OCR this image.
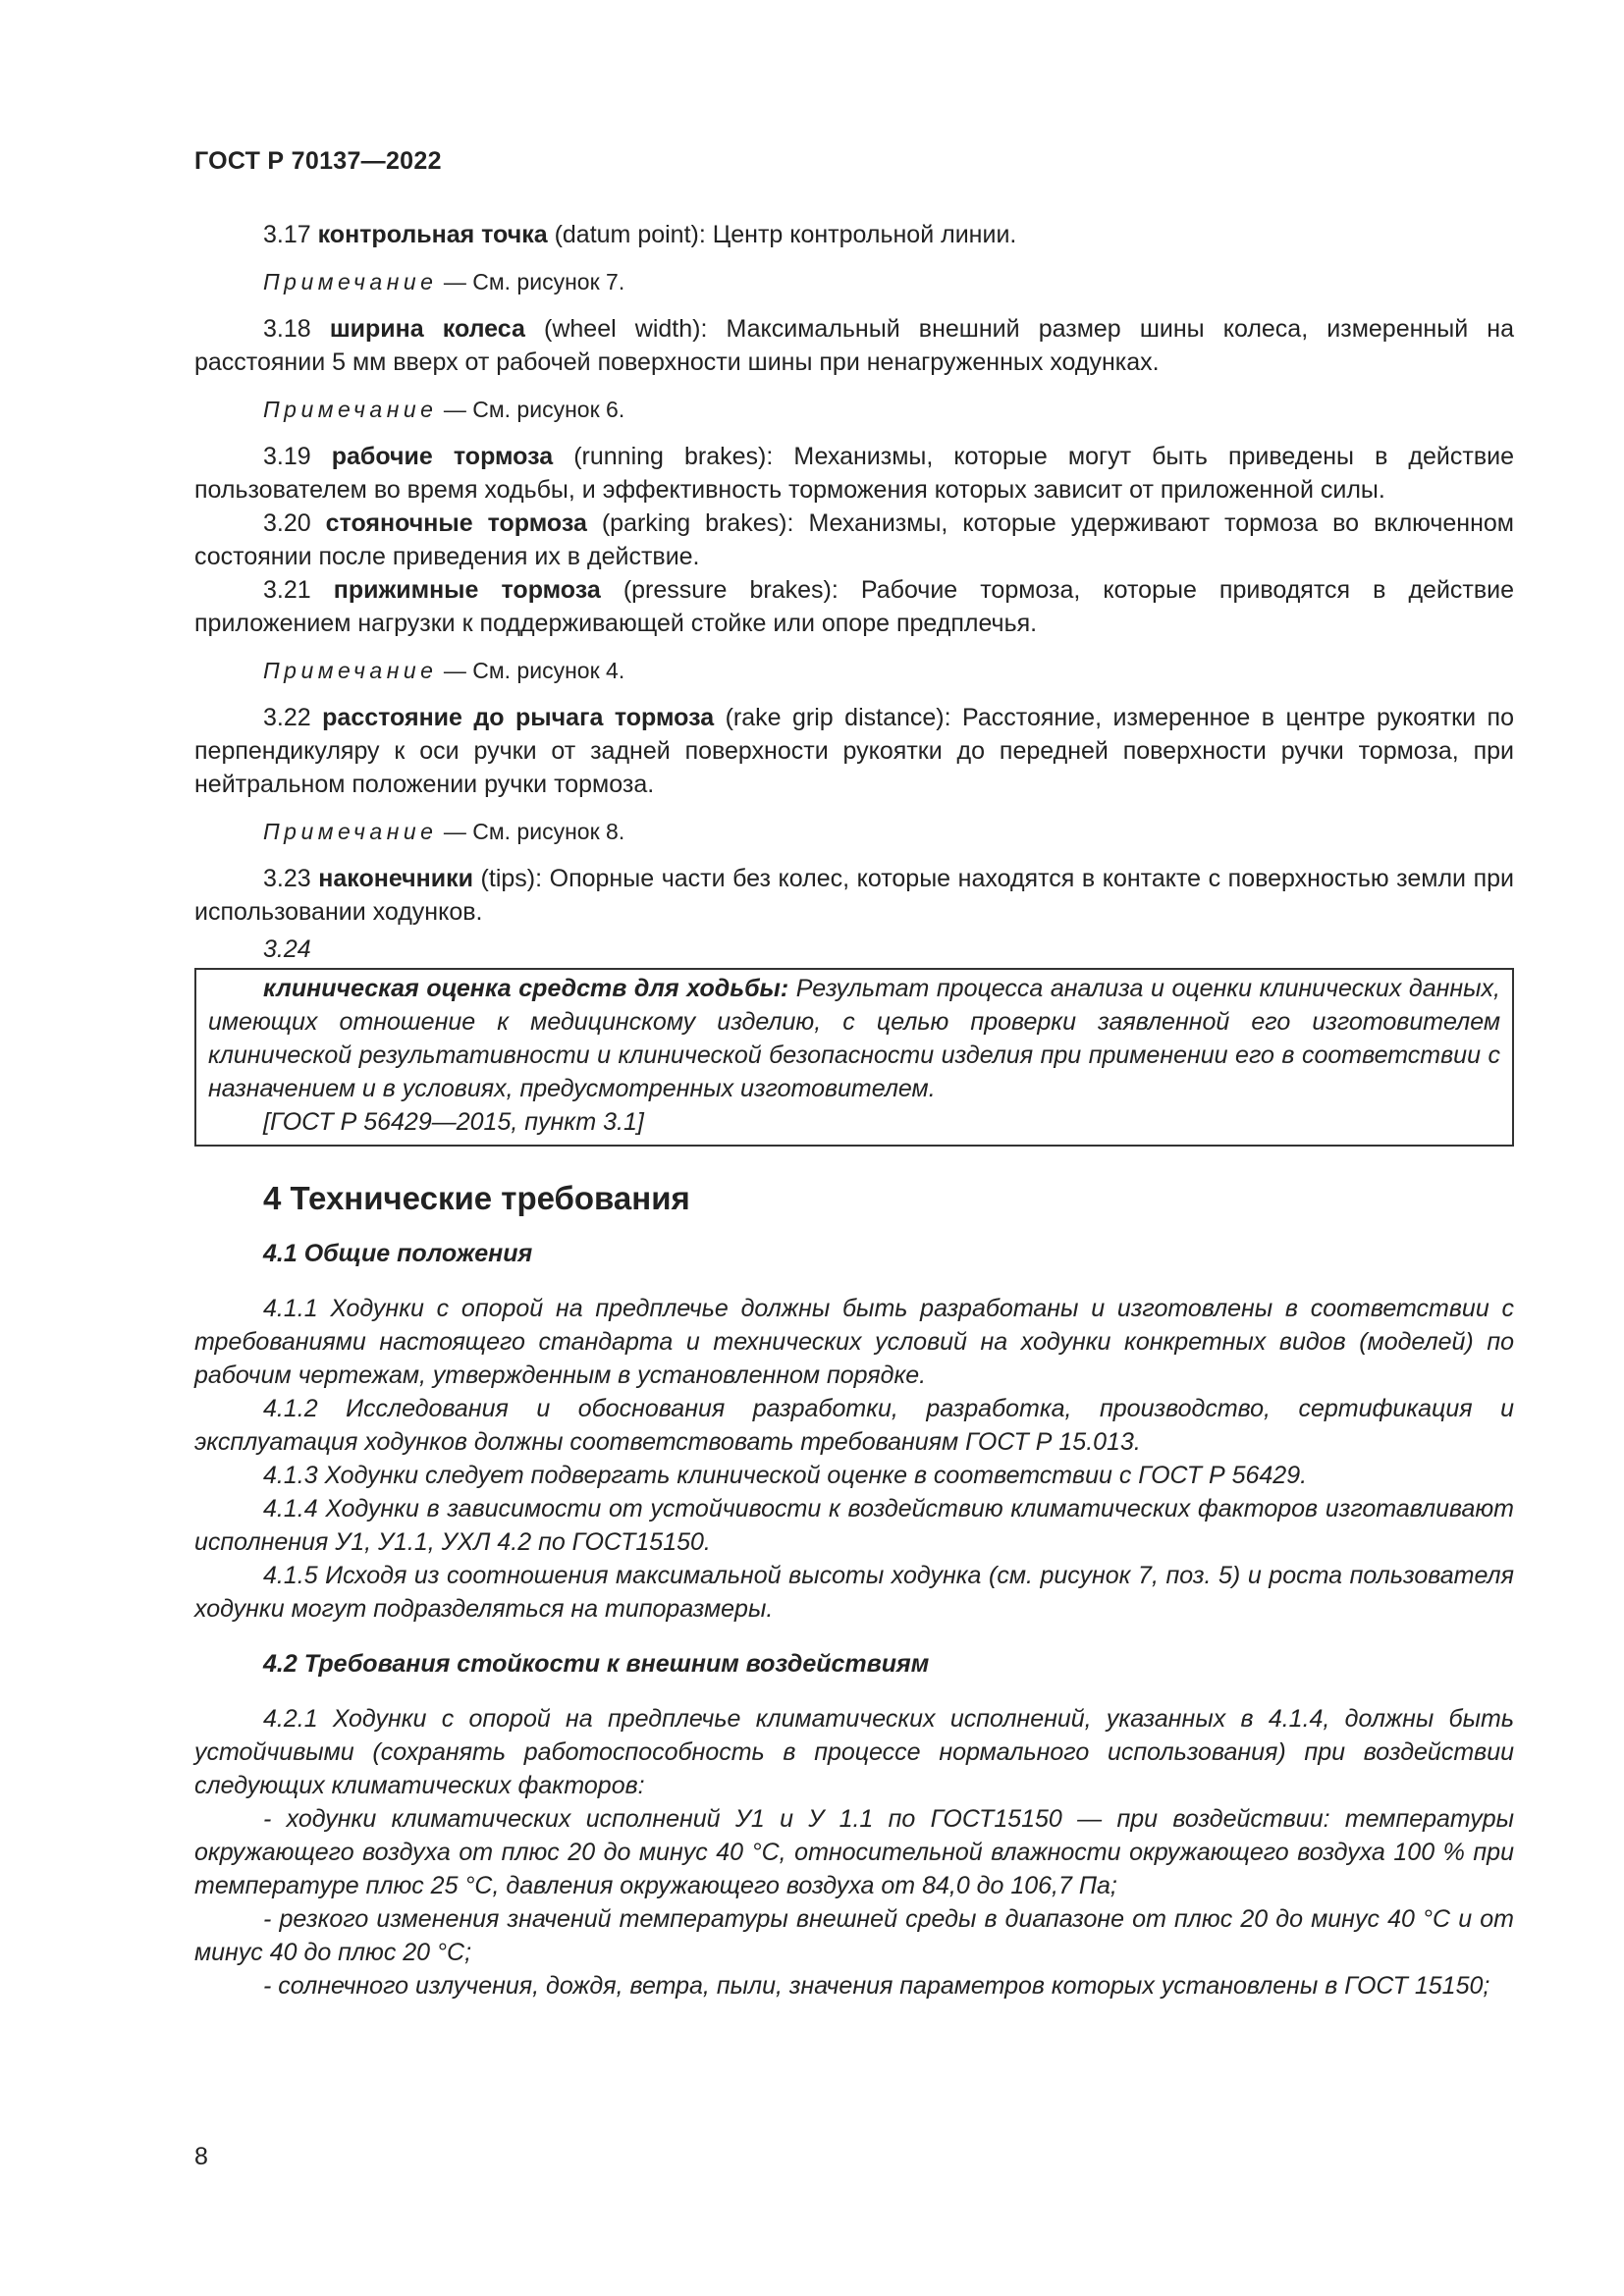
ГОСТ Р 70137—2022

3.17 контрольная точка (datum point): Центр контрольной линии.

Примечание — См. рисунок 7.

3.18 ширина колеса (wheel width): Максимальный внешний размер шины колеса, измеренный на расстоянии 5 мм вверх от рабочей поверхности шины при ненагруженных ходунках.

Примечание — См. рисунок 6.

3.19 рабочие тормоза (running brakes): Механизмы, которые могут быть приведены в действие пользователем во время ходьбы, и эффективность торможения которых зависит от приложенной силы.

3.20 стояночные тормоза (parking brakes): Механизмы, которые удерживают тормоза во включенном состоянии после приведения их в действие.

3.21 прижимные тормоза (pressure brakes): Рабочие тормоза, которые приводятся в действие приложением нагрузки к поддерживающей стойке или опоре предплечья.

Примечание — См. рисунок 4.

3.22 расстояние до рычага тормоза (rake grip distance): Расстояние, измеренное в центре рукоятки по перпендикуляру к оси ручки от задней поверхности рукоятки до передней поверхности ручки тормоза, при нейтральном положении ручки тормоза.

Примечание — См. рисунок 8.

3.23 наконечники (tips): Опорные части без колес, которые находятся в контакте с поверхностью земли при использовании ходунков.

3.24

клиническая оценка средств для ходьбы: Результат процесса анализа и оценки клинических данных, имеющих отношение к медицинскому изделию, с целью проверки заявленной его изготовителем клинической результативности и клинической безопасности изделия при применении его в соответствии с назначением и в условиях, предусмотренных изготовителем.

[ГОСТ Р 56429—2015, пункт 3.1]

4 Технические требования
4.1 Общие положения

4.1.1 Ходунки с опорой на предплечье должны быть разработаны и изготовлены в соответствии с требованиями настоящего стандарта и технических условий на ходунки конкретных видов (моделей) по рабочим чертежам, утвержденным в установленном порядке.

4.1.2 Исследования и обоснования разработки, разработка, производство, сертификация и эксплуатация ходунков должны соответствовать требованиям ГОСТ Р 15.013.

4.1.3 Ходунки следует подвергать клинической оценке в соответствии с ГОСТ Р 56429.

4.1.4 Ходунки в зависимости от устойчивости к воздействию климатических факторов изготавливают исполнения У1, У1.1, УХЛ 4.2 по ГОСТ15150.

4.1.5 Исходя из соотношения максимальной высоты ходунка (см. рисунок 7, поз. 5) и роста пользователя ходунки могут подразделяться на типоразмеры.

4.2 Требования стойкости к внешним воздействиям

4.2.1 Ходунки с опорой на предплечье климатических исполнений, указанных в 4.1.4, должны быть устойчивыми (сохранять работоспособность в процессе нормального использования) при воздействии следующих климатических факторов:

- ходунки климатических исполнений У1 и У 1.1 по ГОСТ15150 — при воздействии: температуры окружающего воздуха от плюс 20 до минус 40 °С, относительной влажности окружающего воздуха 100 % при температуре плюс 25 °С, давления окружающего воздуха от 84,0 до 106,7 Па;

- резкого изменения значений температуры внешней среды в диапазоне от плюс 20 до минус 40 °С и от минус 40 до плюс 20 °С;

- солнечного излучения, дождя, ветра, пыли, значения параметров которых установлены в ГОСТ 15150;

8
